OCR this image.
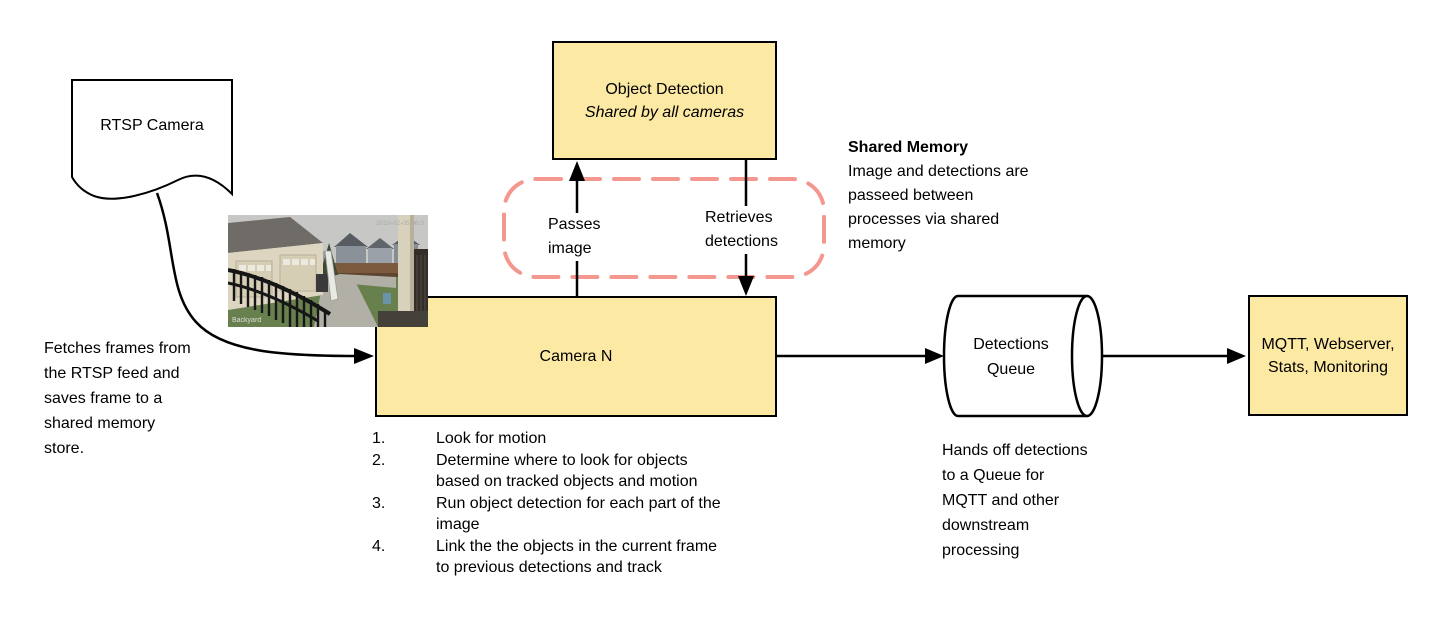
RTSP Camera
Object Detection
Shared by all cameras
Camera N
MQTT, Webserver,
Stats, Monitoring
Detections
Queue
Passes
image
Retrieves
detections
Fetches frames from
the RTSP feed and
saves frame to a
shared memory
store.
Shared Memory
Image and detections are
passeed between
processes via shared
memory
Hands off detections
to a Queue for
MQTT and other
downstream
processing
1.	Look for motion
2.	Determine where to look for objects
based on tracked objects and motion
3.	Run object detection for each part of the
image
4.	Link the the objects in the current frame
to previous detections and track
Backyard
2019-02-05 06:0
